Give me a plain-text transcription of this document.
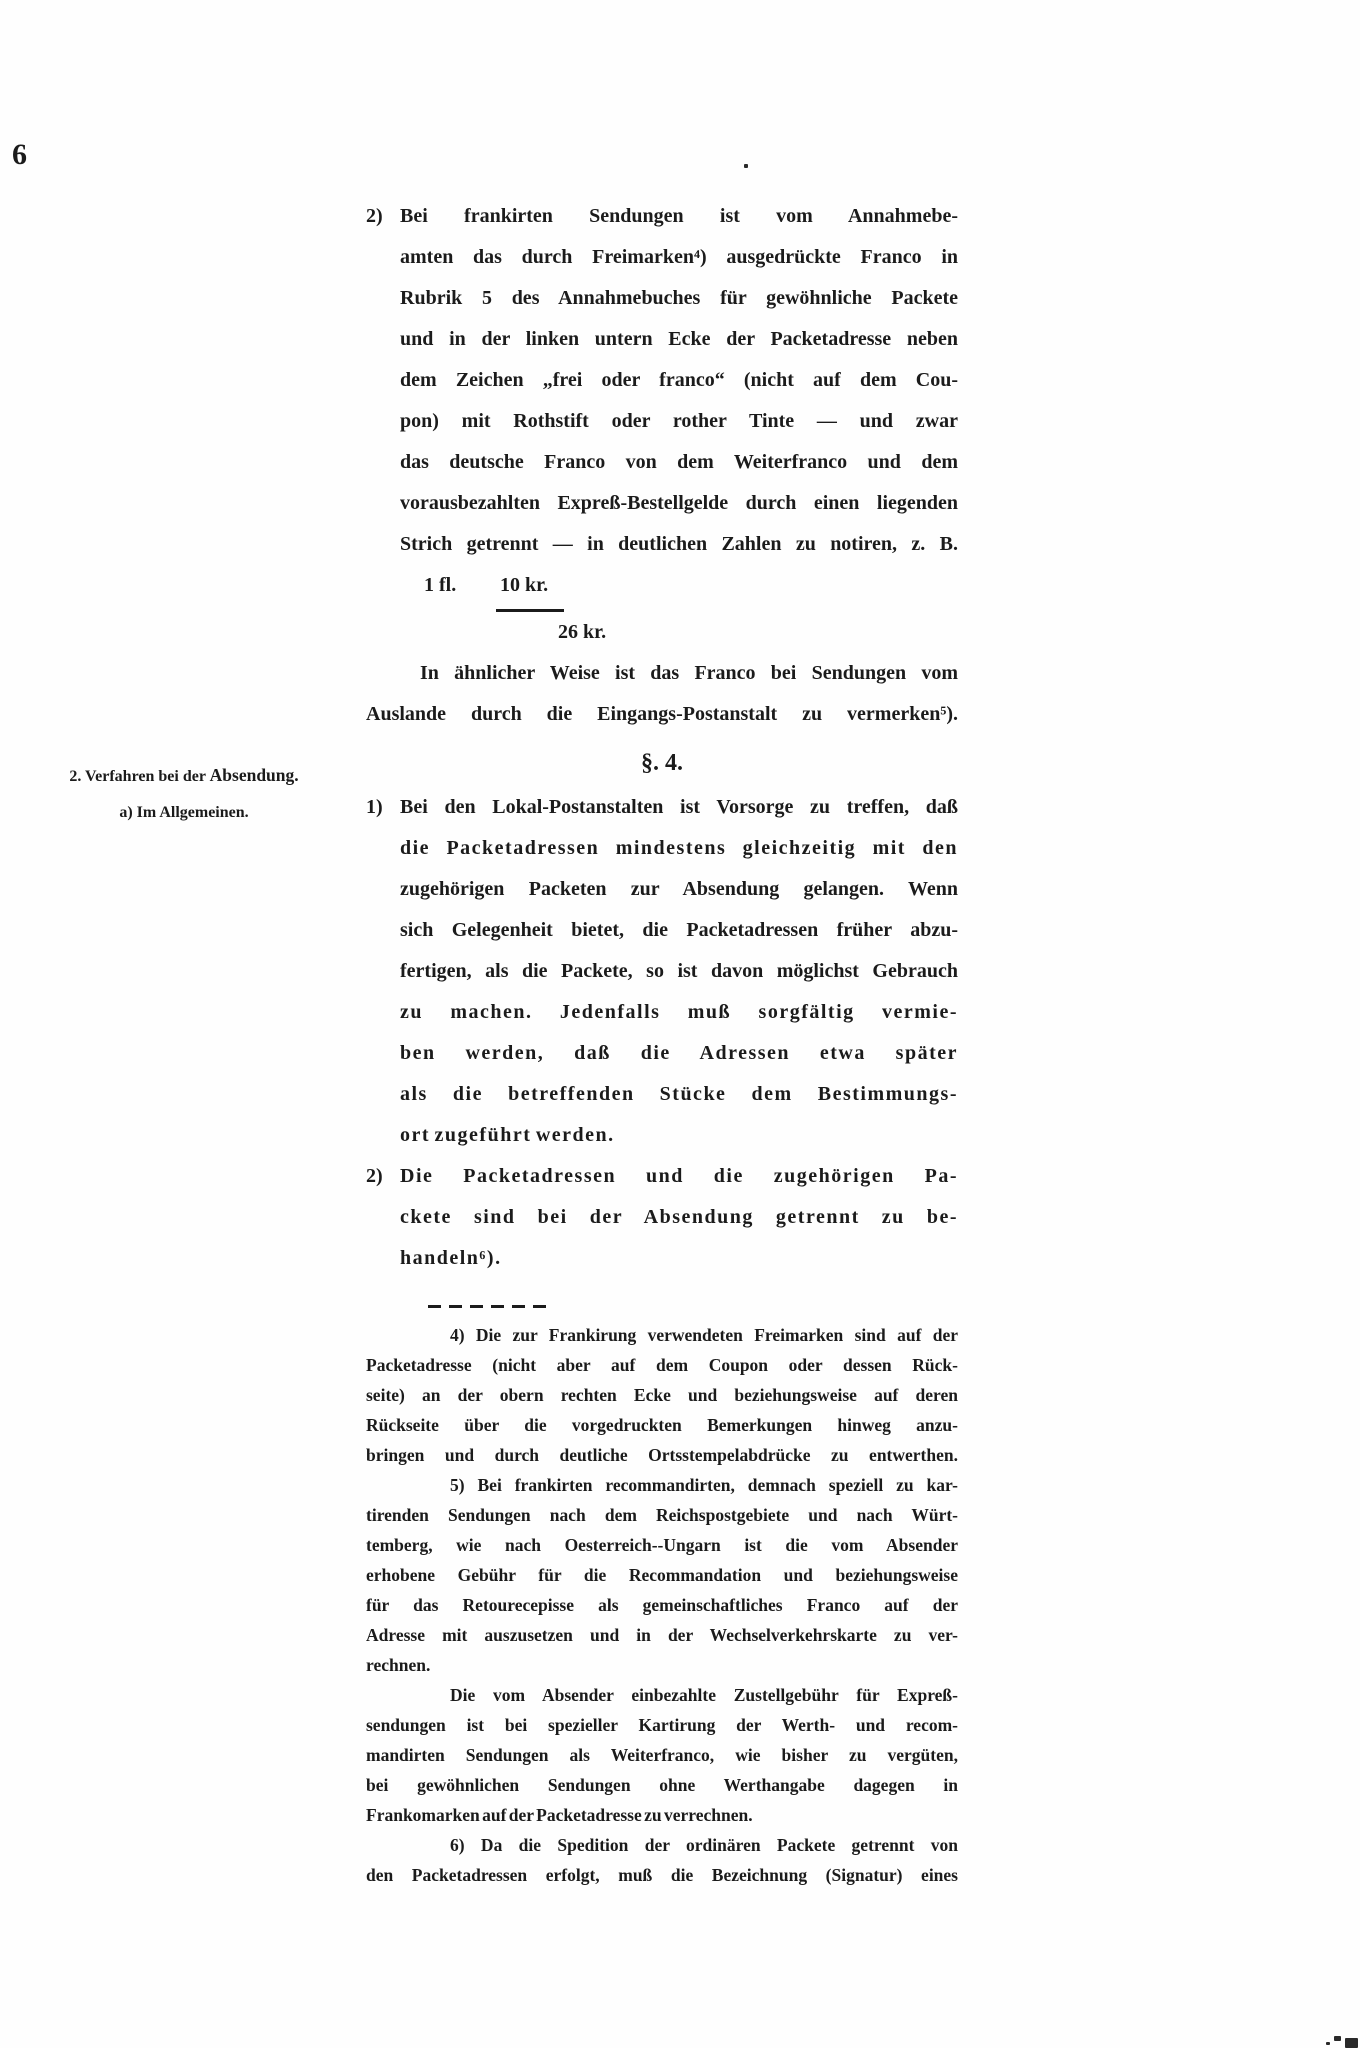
6
2. Verfahren bei der Absendung.
a) Im Allgemeinen.
2) Bei frankirten Sendungen ist vom Annahmebe-
amten das durch Freimarken⁴) ausgedrückte Franco in
Rubrik 5 des Annahmebuches für gewöhnliche Packete
und in der linken untern Ecke der Packetadresse neben
dem Zeichen „frei oder franco“ (nicht auf dem Cou-
pon) mit Rothstift oder rother Tinte — und zwar
das deutsche Franco von dem Weiterfranco und dem
vorausbezahlten Expreß-Bestellgelde durch einen liegenden
Strich getrennt — in deutlichen Zahlen zu notiren, z. B.
1 fl. 10 kr.
26 kr.
In ähnlicher Weise ist das Franco bei Sendungen vom
Auslande durch die Eingangs-Postanstalt zu vermerken⁵).
§. 4.
1) Bei den Lokal-Postanstalten ist Vorsorge zu treffen, daß
die Packetadressen mindestens gleichzeitig mit den
zugehörigen Packeten zur Absendung gelangen. Wenn
sich Gelegenheit bietet, die Packetadressen früher abzu-
fertigen, als die Packete, so ist davon möglichst Gebrauch
zu machen. Jedenfalls muß sorgfältig vermie-
ben werden, daß die Adressen etwa später
als die betreffenden Stücke dem Bestimmungs-
ort zugeführt werden.
2) Die Packetadressen und die zugehörigen Pa-
ckete sind bei der Absendung getrennt zu be-
handeln⁶).
4) Die zur Frankirung verwendeten Freimarken sind auf der
Packetadresse (nicht aber auf dem Coupon oder dessen Rück-
seite) an der obern rechten Ecke und beziehungsweise auf deren
Rückseite über die vorgedruckten Bemerkungen hinweg anzu-
bringen und durch deutliche Ortsstempelabdrücke zu entwerthen.
5) Bei frankirten recommandirten, demnach speziell zu kar-
tirenden Sendungen nach dem Reichspostgebiete und nach Würt-
temberg, wie nach Oesterreich--Ungarn ist die vom Absender
erhobene Gebühr für die Recommandation und beziehungsweise
für das Retourecepisse als gemeinschaftliches Franco auf der
Adresse mit auszusetzen und in der Wechselverkehrskarte zu ver-
rechnen.
Die vom Absender einbezahlte Zustellgebühr für Expreß-
sendungen ist bei spezieller Kartirung der Werth- und recom-
mandirten Sendungen als Weiterfranco, wie bisher zu vergüten,
bei gewöhnlichen Sendungen ohne Werthangabe dagegen in
Frankomarken auf der Packetadresse zu verrechnen.
6) Da die Spedition der ordinären Packete getrennt von
den Packetadressen erfolgt, muß die Bezeichnung (Signatur) eines
